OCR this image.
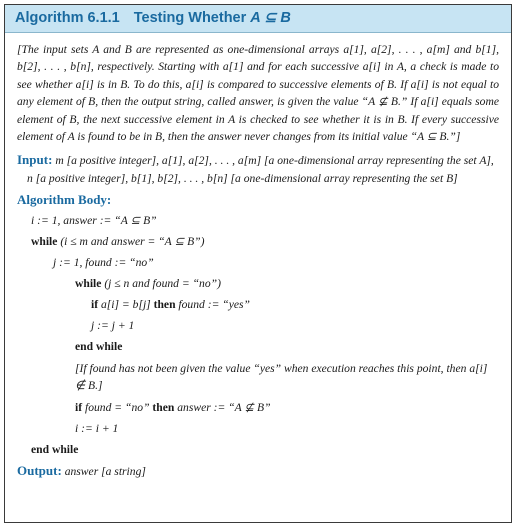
Algorithm 6.1.1 Testing Whether A ⊆ B

[The input sets A and B are represented as one-dimensional arrays a[1], a[2], . . . , a[m] and b[1], b[2], . . . , b[n], respectively. Starting with a[1] and for each successive a[i] in A, a check is made to see whether a[i] is in B. To do this, a[i] is compared to successive elements of B. If a[i] is not equal to any element of B, then the output string, called answer, is given the value “A ⊈ B.” If a[i] equals some element of B, the next successive element in A is checked to see whether it is in B. If every successive element of A is found to be in B, then the answer never changes from its initial value “A ⊆ B.”]

Input: m [a positive integer], a[1], a[2], . . . , a[m] [a one-dimensional array representing the set A], n [a positive integer], b[1], b[2], . . . , b[n] [a one-dimensional array representing the set B]

Algorithm Body:
i := 1, answer := “A ⊆ B”
while (i ≤ m and answer = “A ⊆ B”)
j := 1, found := “no”
while (j ≤ n and found = “no”)
if a[i] = b[j] then found := “yes”
j := j + 1
end while
[If found has not been given the value “yes” when execution reaches this point, then a[i] ∉ B.]
if found = “no” then answer := “A ⊈ B”
i := i + 1
end while
Output: answer [a string]
